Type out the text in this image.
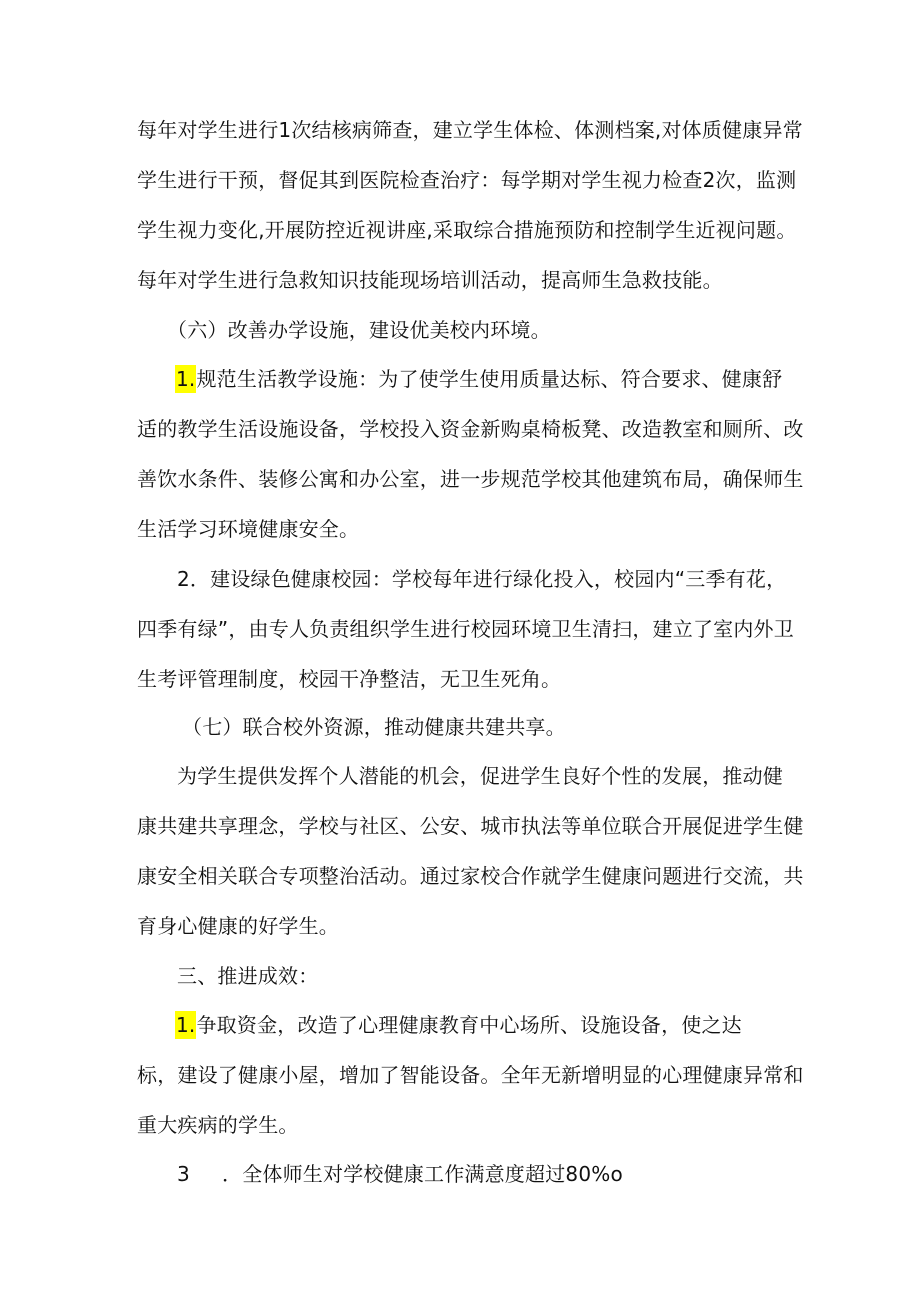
每年对学生进行1次结核病筛查，建立学生体检、体测档案,对体质健康异常
学生进行干预，督促其到医院检查治疗：每学期对学生视力检查2次，监测
学生视力变化,开展防控近视讲座,采取综合措施预防和控制学生近视问题。
每年对学生进行急救知识技能现场培训活动，提高师生急救技能。
（六）改善办学设施，建设优美校内环境。
1.规范生活教学设施：为了使学生使用质量达标、符合要求、健康舒
适的教学生活设施设备，学校投入资金新购桌椅板凳、改造教室和厕所、改
善饮水条件、装修公寓和办公室，进一步规范学校其他建筑布局，确保师生
生活学习环境健康安全。
2．建设绿色健康校园：学校每年进行绿化投入，校园内“三季有花，
四季有绿”，由专人负责组织学生进行校园环境卫生清扫，建立了室内外卫
生考评管理制度，校园干净整洁，无卫生死角。
（七）联合校外资源，推动健康共建共享。
为学生提供发挥个人潜能的机会，促进学生良好个性的发展，推动健
康共建共享理念，学校与社区、公安、城市执法等单位联合开展促进学生健
康安全相关联合专项整治活动。通过家校合作就学生健康问题进行交流，共
育身心健康的好学生。
三、推进成效：
1.争取资金，改造了心理健康教育中心场所、设施设备，使之达
标，建设了健康小屋，增加了智能设备。全年无新增明显的心理健康异常和
重大疾病的学生。
3 ．全体师生对学校健康工作满意度超过80%o
